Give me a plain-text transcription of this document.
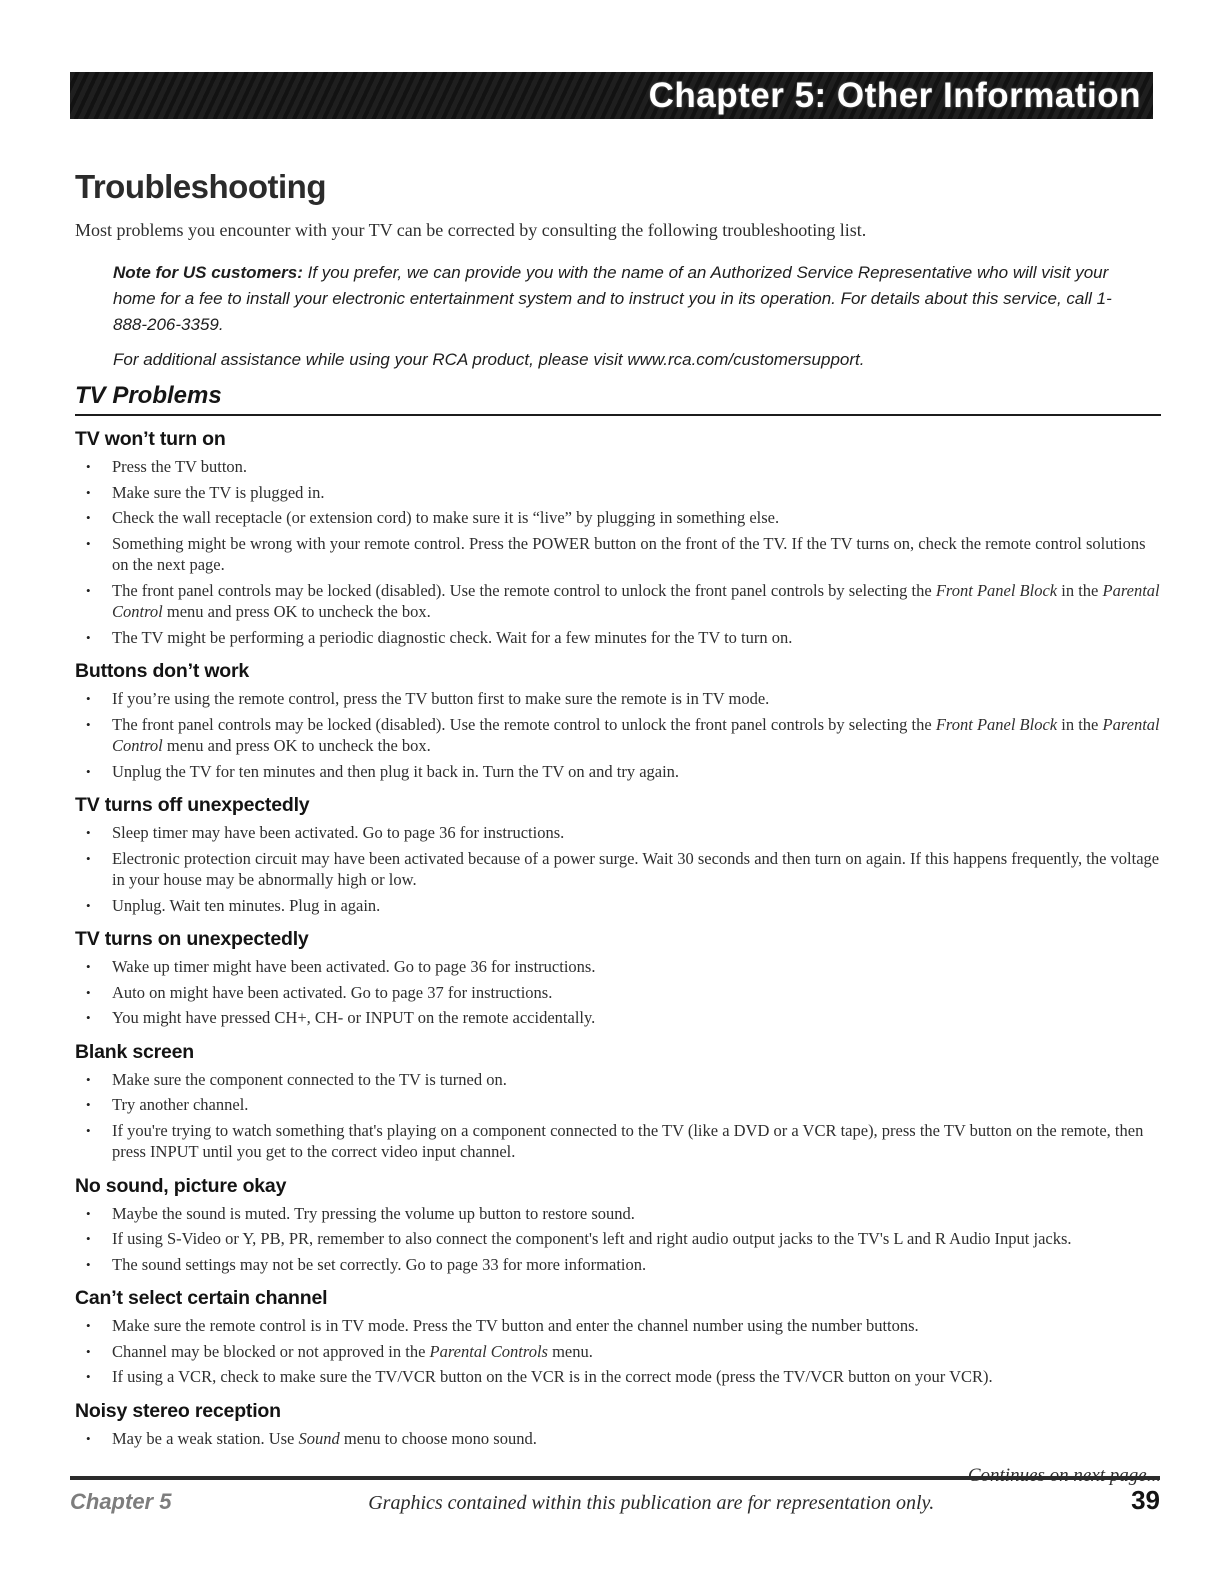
Chapter 5: Other Information
Troubleshooting

Most problems you encounter with your TV can be corrected by consulting the following troubleshooting list.

Note for US customers: If you prefer, we can provide you with the name of an Authorized Service Representative who will visit your home for a fee to install your electronic entertainment system and to instruct you in its operation. For details about this service, call 1-888-206-3359.

For additional assistance while using your RCA product, please visit www.rca.com/customersupport.

TV Problems
TV won’t turn on
•	Press the TV button.
•	Make sure the TV is plugged in.
•	Check the wall receptacle (or extension cord) to make sure it is “live” by plugging in something else.
•	Something might be wrong with your remote control. Press the POWER button on the front of the TV. If the TV turns on, check the remote control solutions on the next page.
•	The front panel controls may be locked (disabled). Use the remote control to unlock the front panel controls by selecting the Front Panel Block in the Parental Control menu and press OK to uncheck the box.
•	The TV might be performing a periodic diagnostic check. Wait for a few minutes for the TV to turn on.
Buttons don’t work
•	If you’re using the remote control, press the TV button first to make sure the remote is in TV mode.
•	The front panel controls may be locked (disabled). Use the remote control to unlock the front panel controls by selecting the Front Panel Block in the Parental Control menu and press OK to uncheck the box.
•	Unplug the TV for ten minutes and then plug it back in. Turn the TV on and try again.
TV turns off unexpectedly
•	Sleep timer may have been activated. Go to page 36 for instructions.
•	Electronic protection circuit may have been activated because of a power surge. Wait 30 seconds and then turn on again. If this happens frequently, the voltage in your house may be abnormally high or low.
•	Unplug. Wait ten minutes. Plug in again.
TV turns on unexpectedly
•	Wake up timer might have been activated. Go to page 36 for instructions.
•	Auto on might have been activated. Go to page 37 for instructions.
•	You might have pressed CH+, CH- or INPUT on the remote accidentally.
Blank screen
•	Make sure the component connected to the TV is turned on.
•	Try another channel.
•	If you're trying to watch something that's playing on a component connected to the TV (like a DVD or a VCR tape), press the TV button on the remote, then press INPUT until you get to the correct video input channel.
No sound, picture okay
•	Maybe the sound is muted. Try pressing the volume up button to restore sound.
•	If using S-Video or Y, PB, PR, remember to also connect the component's left and right audio output jacks to the TV's L and R Audio Input jacks.
•	The sound settings may not be set correctly. Go to page 33 for more information.
Can’t select certain channel
•	Make sure the remote control is in TV mode. Press the TV button and enter the channel number using the number buttons.
•	Channel may be blocked or not approved in the Parental Controls menu.
•	If using a VCR, check to make sure the TV/VCR button on the VCR is in the correct mode (press the TV/VCR button on your VCR).
Noisy stereo reception
•	May be a weak station. Use Sound menu to choose mono sound.

Continues on next page...

Chapter 5	Graphics contained within this publication are for representation only.	39
